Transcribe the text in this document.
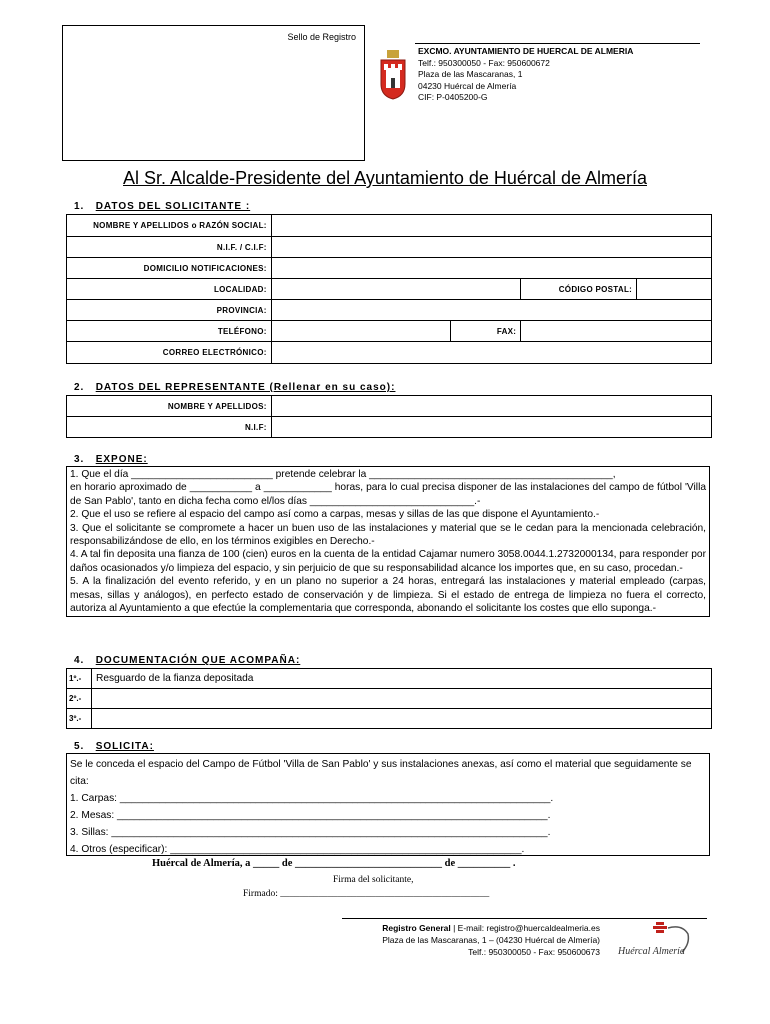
Sello de Registro
EXCMO. AYUNTAMIENTO DE HUERCAL DE ALMERIA
Telf.: 950300050 - Fax: 950600672
Plaza de las Mascaranas, 1
04230 Huércal de Almería
CIF: P-0405200-G
Al Sr. Alcalde-Presidente del Ayuntamiento de Huércal de Almería
1. DATOS DEL SOLICITANTE :
NOMBRE Y APELLIDOS o RAZÓN SOCIAL:				
N.I.F. / C.I.F:				
DOMICILIO NOTIFICACIONES:				
LOCALIDAD:			CÓDIGO POSTAL:	
PROVINCIA:				
TELÉFONO:		FAX:		
CORREO ELECTRÓNICO:				
2. DATOS DEL REPRESENTANTE (Rellenar en su caso):
NOMBRE Y APELLIDOS:	
N.I.F:	
3. EXPONE:

1. Que el día _________________________ pretende celebrar la ___________________________________________,

en horario aproximado de ___________ a ____________ horas, para lo cual precisa disponer de las instalaciones del campo de fútbol 'Villa de San Pablo', tanto en dicha fecha como el/los días _____________________________.-

2. Que el uso se refiere al espacio del campo así como a carpas, mesas y sillas de las que dispone el Ayuntamiento.-

3. Que el solicitante se compromete a hacer un buen uso de las instalaciones y material que se le cedan para la mencionada celebración, responsabilizándose de ello, en los términos exigibles en Derecho.-

4. A tal fin deposita una fianza de 100 (cien) euros en la cuenta de la entidad Cajamar numero 3058.0044.1.2732000134, para responder por daños ocasionados y/o limpieza del espacio, y sin perjuicio de que su responsabilidad alcance los importes que, en su caso, procedan.-

5. A la finalización del evento referido, y en un plano no superior a 24 horas, entregará las instalaciones y material empleado (carpas, mesas, sillas y análogos), en perfecto estado de conservación y de limpieza. Si el estado de entrega de limpieza no fuera el correcto, autoriza al Ayuntamiento a que efectúe la complementaria que corresponda, abonando el solicitante los costes que ello suponga.-

4. DOCUMENTACIÓN QUE ACOMPAÑA:
1º.-	Resguardo de la fianza depositada
2º.-	
3º.-	
5. SOLICITA:

Se le conceda el espacio del Campo de Fútbol 'Villa de San Pablo' y sus instalaciones anexas, así como el material que seguidamente se cita:

1. Carpas: ____________________________________________________________________________.

2. Mesas: ____________________________________________________________________________.

3. Sillas: _____________________________________________________________________________.

4. Otros (especificar): ______________________________________________________________.

Huércal de Almería, a _____ de ____________________________ de __________ .
Firma del solicitante,
Firmado: ____________________________________________
Registro General | E-mail: registro@huercaldealmeria.es
Plaza de las Mascaranas, 1 – (04230 Huércal de Almería)
Telf.: 950300050 - Fax: 950600673 Huércal Almería
